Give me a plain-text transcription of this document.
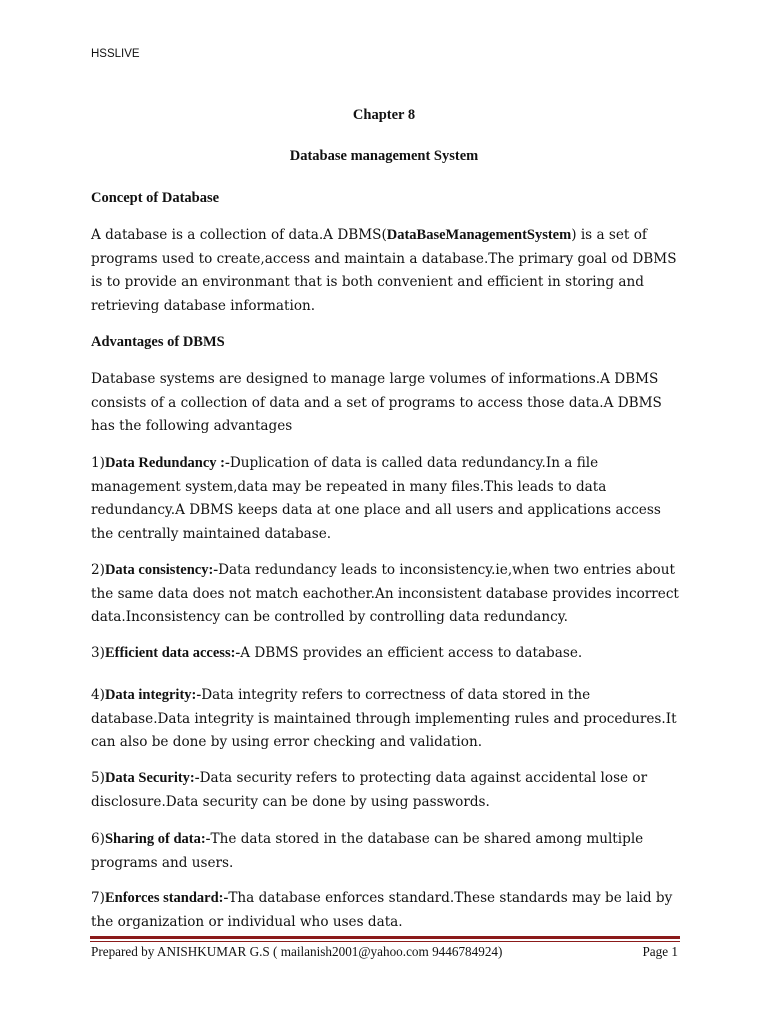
HSSLIVE
Chapter 8
Database management System
Concept of Database

A database is a collection of data.A DBMS(DataBaseManagementSystem) is a set of programs used to create,access and maintain a database.The primary goal od DBMS is to provide an environmant that is both convenient and efficient in storing and retrieving database information.

Advantages of DBMS

Database systems are designed to manage large volumes of informations.A DBMS consists of a collection of data and a set of programs to access those data.A DBMS has the following advantages

1)Data Redundancy :-Duplication of data is called data redundancy.In a file management system,data may be repeated in many files.This leads to data redundancy.A DBMS keeps data at one place and all users and applications access the centrally maintained database.

2)Data consistency:-Data redundancy leads to inconsistency.ie,when two entries about the same data does not match eachother.An inconsistent database provides incorrect data.Inconsistency can be controlled by controlling data redundancy.

3)Efficient data access:-A DBMS provides an efficient access to database.

4)Data integrity:-Data integrity refers to correctness of data stored in the database.Data integrity is maintained through implementing rules and procedures.It can also be done by using error checking and validation.

5)Data Security:-Data security refers to protecting data against accidental lose or disclosure.Data security can be done by using passwords.

6)Sharing of data:-The data stored in the database can be shared among multiple programs and users.

7)Enforces standard:-Tha database enforces standard.These standards may be laid by the organization or individual who uses data.

Prepared by ANISHKUMAR G.S ( mailanish2001@yahoo.com 9446784924)	Page 1
